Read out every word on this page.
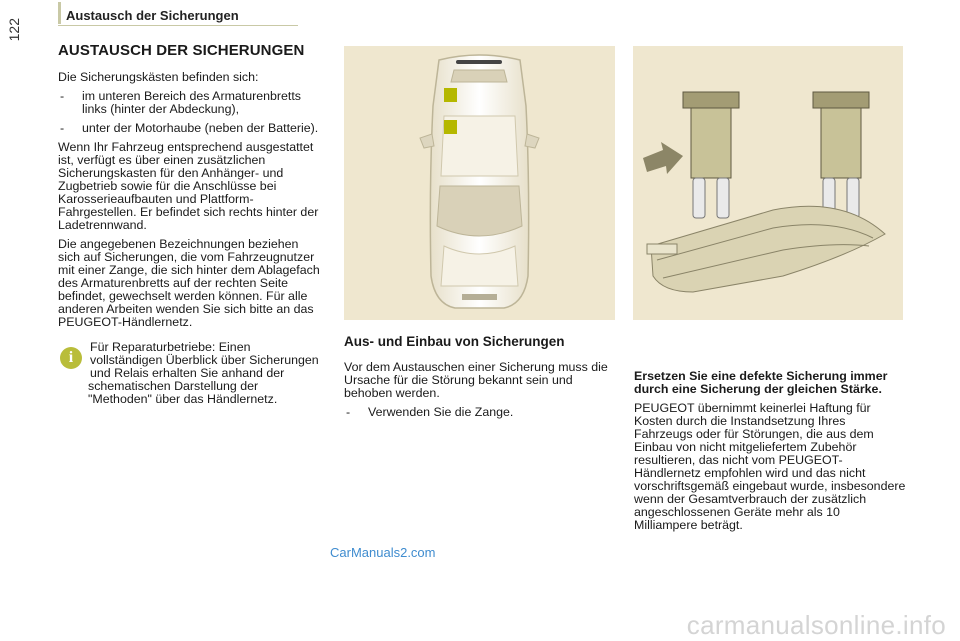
122
Austausch der Sicherungen
AUSTAUSCH DER SICHERUNGEN

Die Sicherungskästen befinden sich:

- im unteren Bereich des Armaturenbretts links (hinter der Abdeckung),
- unter der Motorhaube (neben der Batterie).

Wenn Ihr Fahrzeug entsprechend ausgestattet ist, verfügt es über einen zusätzlichen Sicherungskasten für den Anhänger- und Zugbetrieb sowie für die Anschlüsse bei Karosserieaufbauten und Plattform-Fahrgestellen. Er befindet sich rechts hinter der Ladetrennwand.

Die angegebenen Bezeichnungen beziehen sich auf Sicherungen, die vom Fahrzeugnutzer mit einer Zange, die sich hinter dem Ablagefach des Armaturenbretts auf der rechten Seite befindet, gewechselt werden können. Für alle anderen Arbeiten wenden Sie sich bitte an das PEUGEOT-Händlernetz.

i
Für Reparaturbetriebe: Einen vollständigen Überblick über Sicherungen und Relais erhalten Sie anhand der schematischen Darstellung der "Methoden" über das Händlernetz.
Aus- und Einbau von Sicherungen

Vor dem Austauschen einer Sicherung muss die Ursache für die Störung bekannt sein und behoben werden.

- Verwenden Sie die Zange.

Ersetzen Sie eine defekte Sicherung immer durch eine Sicherung der gleichen Stärke.

PEUGEOT übernimmt keinerlei Haftung für Kosten durch die Instandsetzung Ihres Fahrzeugs oder für Störungen, die aus dem Einbau von nicht mitgeliefertem Zubehör resultieren, das nicht vom PEUGEOT-Händlernetz empfohlen wird und das nicht vorschriftsgemäß eingebaut wurde, insbesondere wenn der Gesamtverbrauch der zusätzlich angeschlossenen Geräte mehr als 10 Milliampere beträgt.

CarManuals2.com
carmanualsonline.info
